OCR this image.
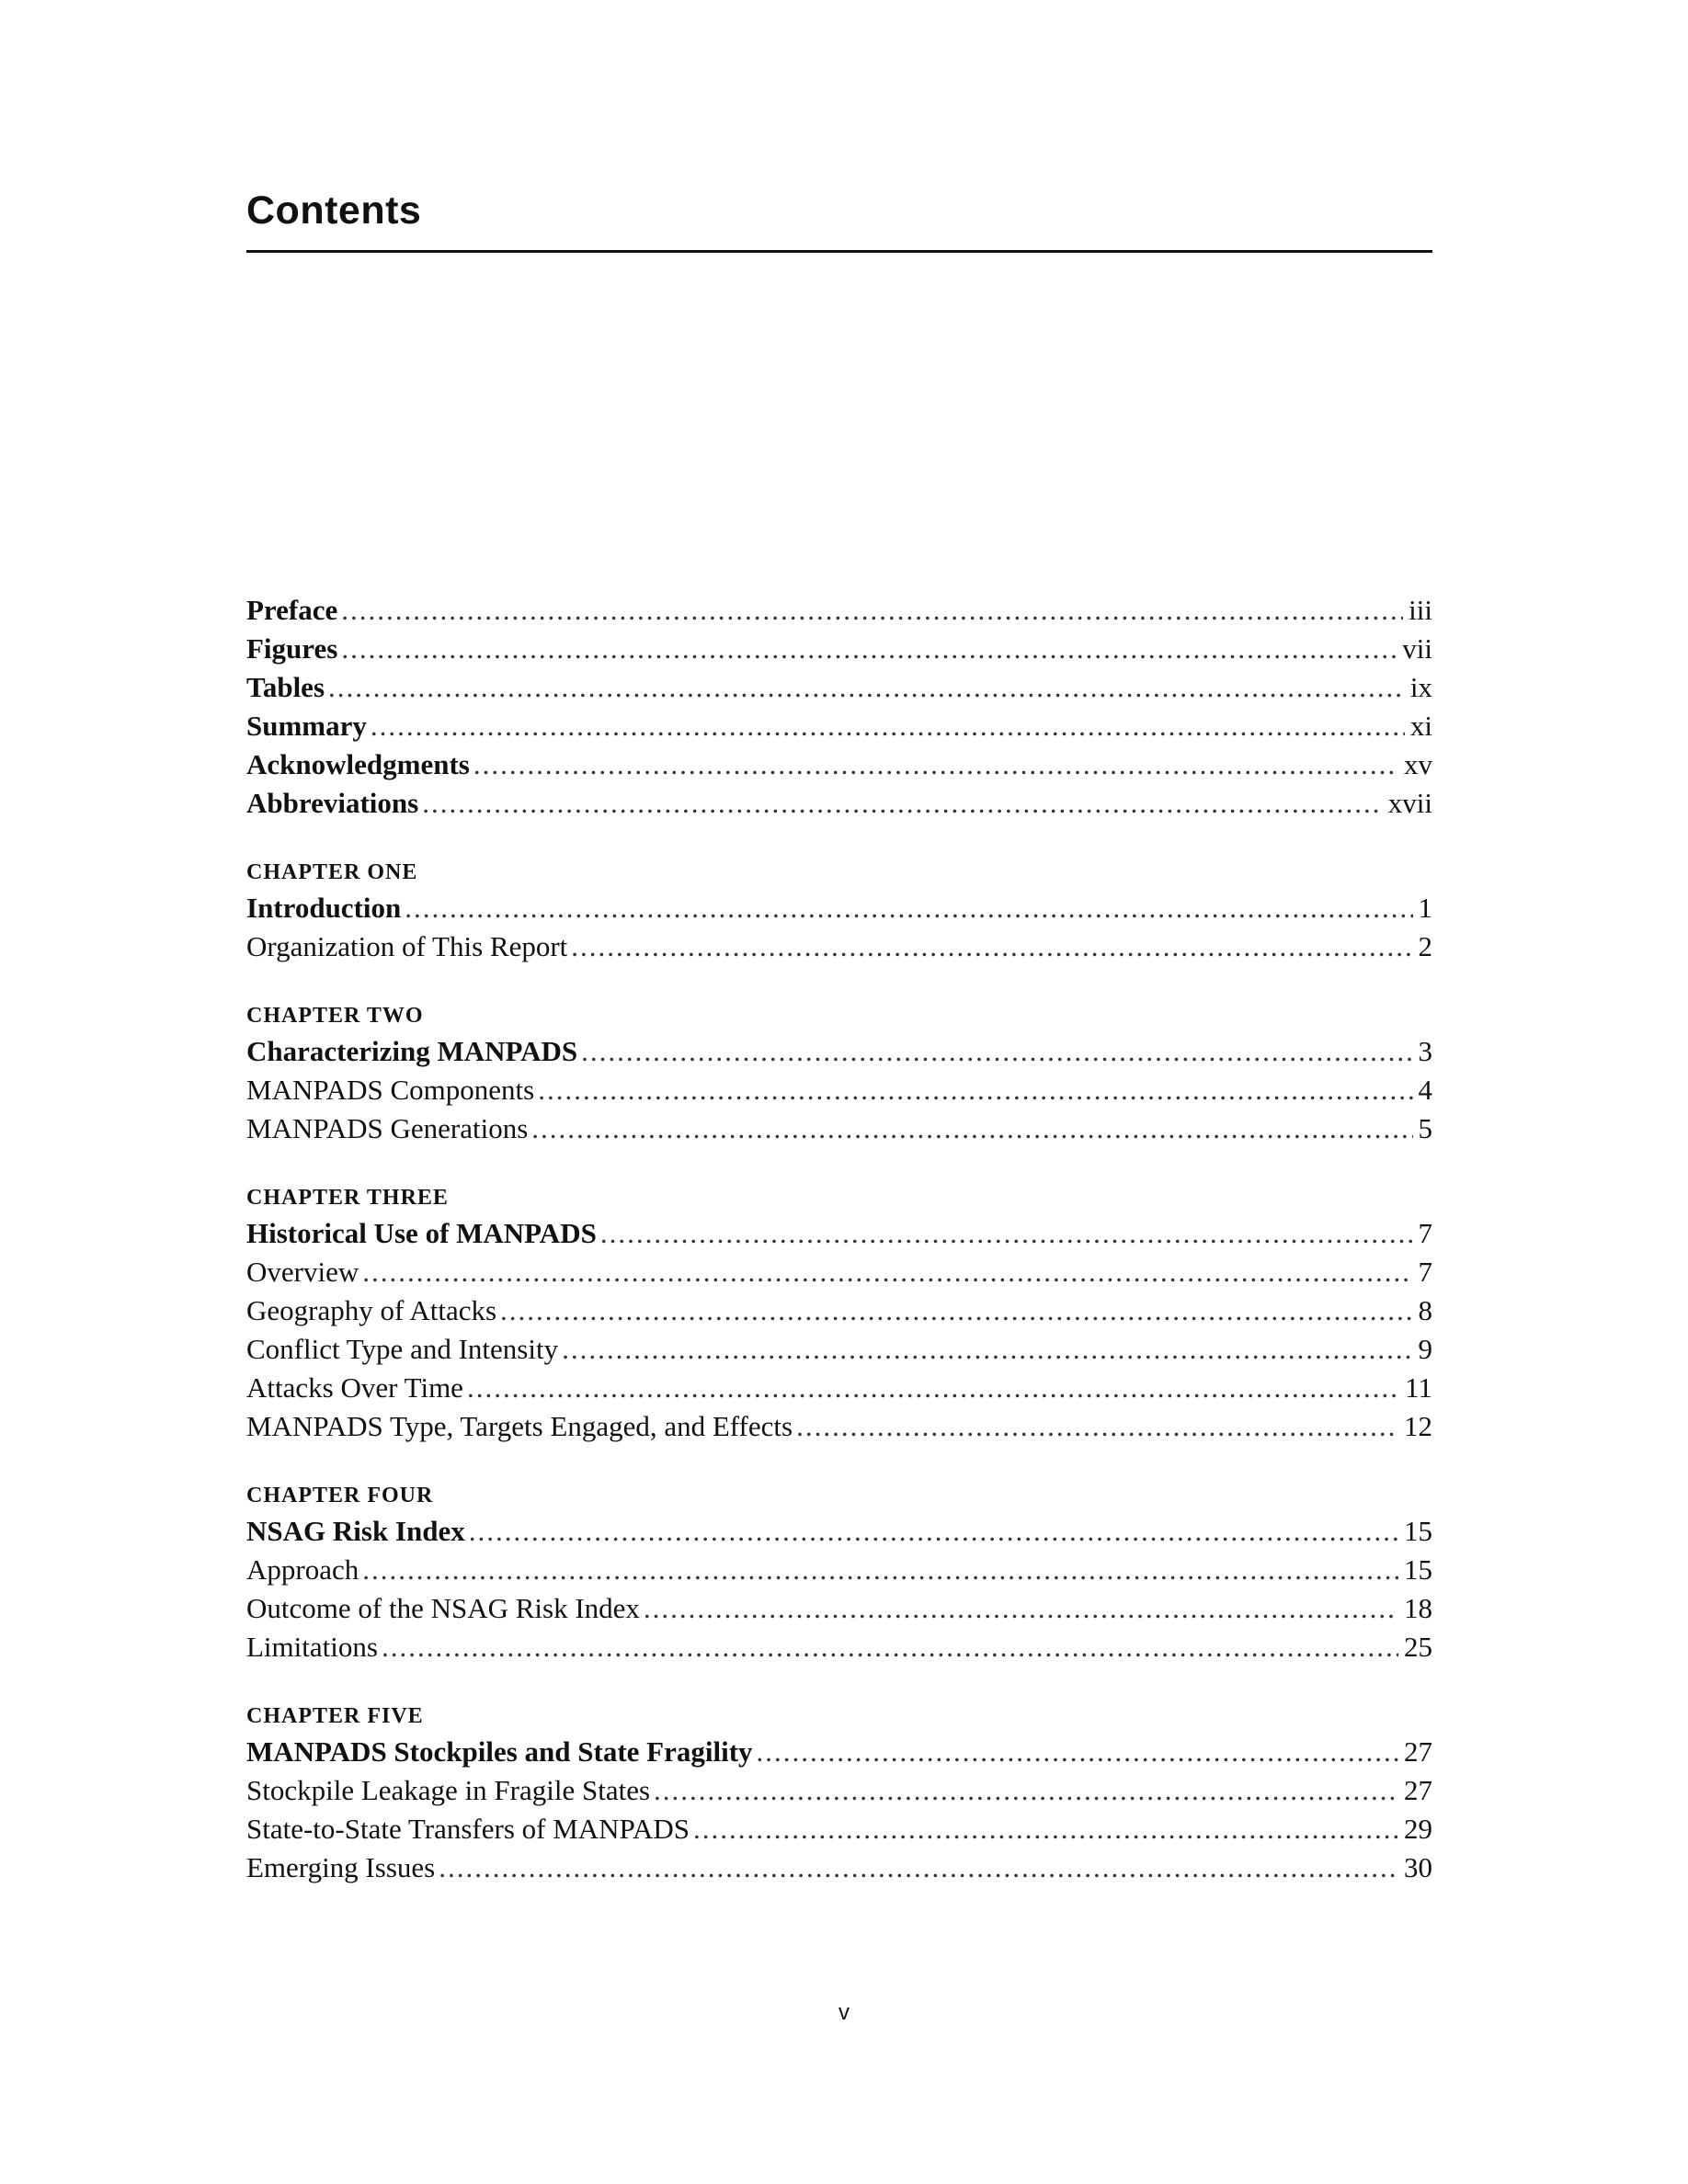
Contents
Preface .....	iii
Figures .....	vii
Tables .....	ix
Summary .....	xi
Acknowledgments .....	xv
Abbreviations .....	xvii
CHAPTER ONE
Introduction .....	1
Organization of This Report .....	2
CHAPTER TWO
Characterizing MANPADS .....	3
MANPADS Components .....	4
MANPADS Generations .....	5
CHAPTER THREE
Historical Use of MANPADS .....	7
Overview .....	7
Geography of Attacks .....	8
Conflict Type and Intensity .....	9
Attacks Over Time .....	11
MANPADS Type, Targets Engaged, and Effects .....	12
CHAPTER FOUR
NSAG Risk Index .....	15
Approach .....	15
Outcome of the NSAG Risk Index .....	18
Limitations .....	25
CHAPTER FIVE
MANPADS Stockpiles and State Fragility .....	27
Stockpile Leakage in Fragile States .....	27
State-to-State Transfers of MANPADS .....	29
Emerging Issues .....	30
v
